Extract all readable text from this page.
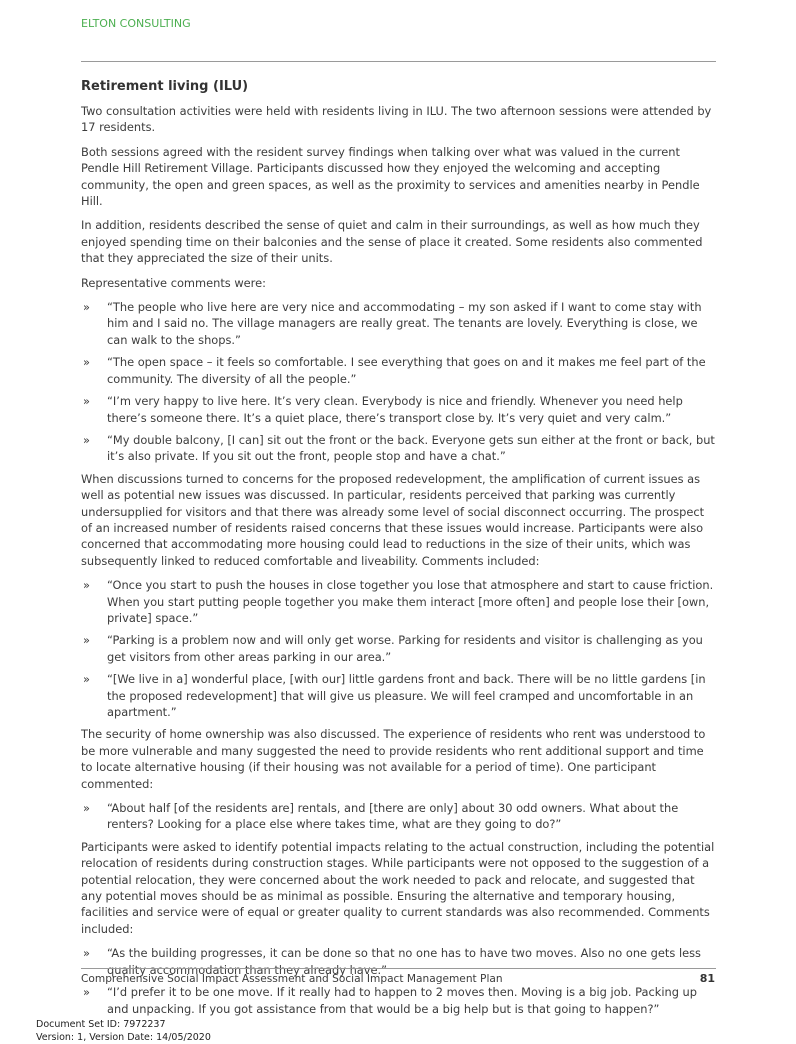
ELTON CONSULTING
Retirement living (ILU)

Two consultation activities were held with residents living in ILU. The two afternoon sessions were attended by 17 residents.

Both sessions agreed with the resident survey findings when talking over what was valued in the current Pendle Hill Retirement Village. Participants discussed how they enjoyed the welcoming and accepting community, the open and green spaces, as well as the proximity to services and amenities nearby in Pendle Hill.

In addition, residents described the sense of quiet and calm in their surroundings, as well as how much they enjoyed spending time on their balconies and the sense of place it created. Some residents also commented that they appreciated the size of their units.

Representative comments were:

» “The people who live here are very nice and accommodating – my son asked if I want to come stay with him and I said no. The village managers are really great. The tenants are lovely. Everything is close, we can walk to the shops.”
» “The open space – it feels so comfortable. I see everything that goes on and it makes me feel part of the community. The diversity of all the people.”
» “I’m very happy to live here. It’s very clean. Everybody is nice and friendly. Whenever you need help there’s someone there. It’s a quiet place, there’s transport close by. It’s very quiet and very calm.”
» “My double balcony, [I can] sit out the front or the back. Everyone gets sun either at the front or back, but it’s also private. If you sit out the front, people stop and have a chat.”

When discussions turned to concerns for the proposed redevelopment, the amplification of current issues as well as potential new issues was discussed. In particular, residents perceived that parking was currently undersupplied for visitors and that there was already some level of social disconnect occurring. The prospect of an increased number of residents raised concerns that these issues would increase. Participants were also concerned that accommodating more housing could lead to reductions in the size of their units, which was subsequently linked to reduced comfortable and liveability. Comments included:

» “Once you start to push the houses in close together you lose that atmosphere and start to cause friction. When you start putting people together you make them interact [more often] and people lose their [own, private] space.”
» “Parking is a problem now and will only get worse. Parking for residents and visitor is challenging as you get visitors from other areas parking in our area.”
» “[We live in a] wonderful place, [with our] little gardens front and back. There will be no little gardens [in the proposed redevelopment] that will give us pleasure. We will feel cramped and uncomfortable in an apartment.”

The security of home ownership was also discussed. The experience of residents who rent was understood to be more vulnerable and many suggested the need to provide residents who rent additional support and time to locate alternative housing (if their housing was not available for a period of time). One participant commented:

» “About half [of the residents are] rentals, and [there are only] about 30 odd owners. What about the renters? Looking for a place else where takes time, what are they going to do?”

Participants were asked to identify potential impacts relating to the actual construction, including the potential relocation of residents during construction stages. While participants were not opposed to the suggestion of a potential relocation, they were concerned about the work needed to pack and relocate, and suggested that any potential moves should be as minimal as possible. Ensuring the alternative and temporary housing, facilities and service were of equal or greater quality to current standards was also recommended. Comments included:

» “As the building progresses, it can be done so that no one has to have two moves. Also no one gets less quality accommodation than they already have.”
» “I’d prefer it to be one move. If it really had to happen to 2 moves then. Moving is a big job. Packing up and unpacking. If you got assistance from that would be a big help but is that going to happen?”
Comprehensive Social Impact Assessment and Social Impact Management Plan	81
Document Set ID: 7972237
Version: 1, Version Date: 14/05/2020
